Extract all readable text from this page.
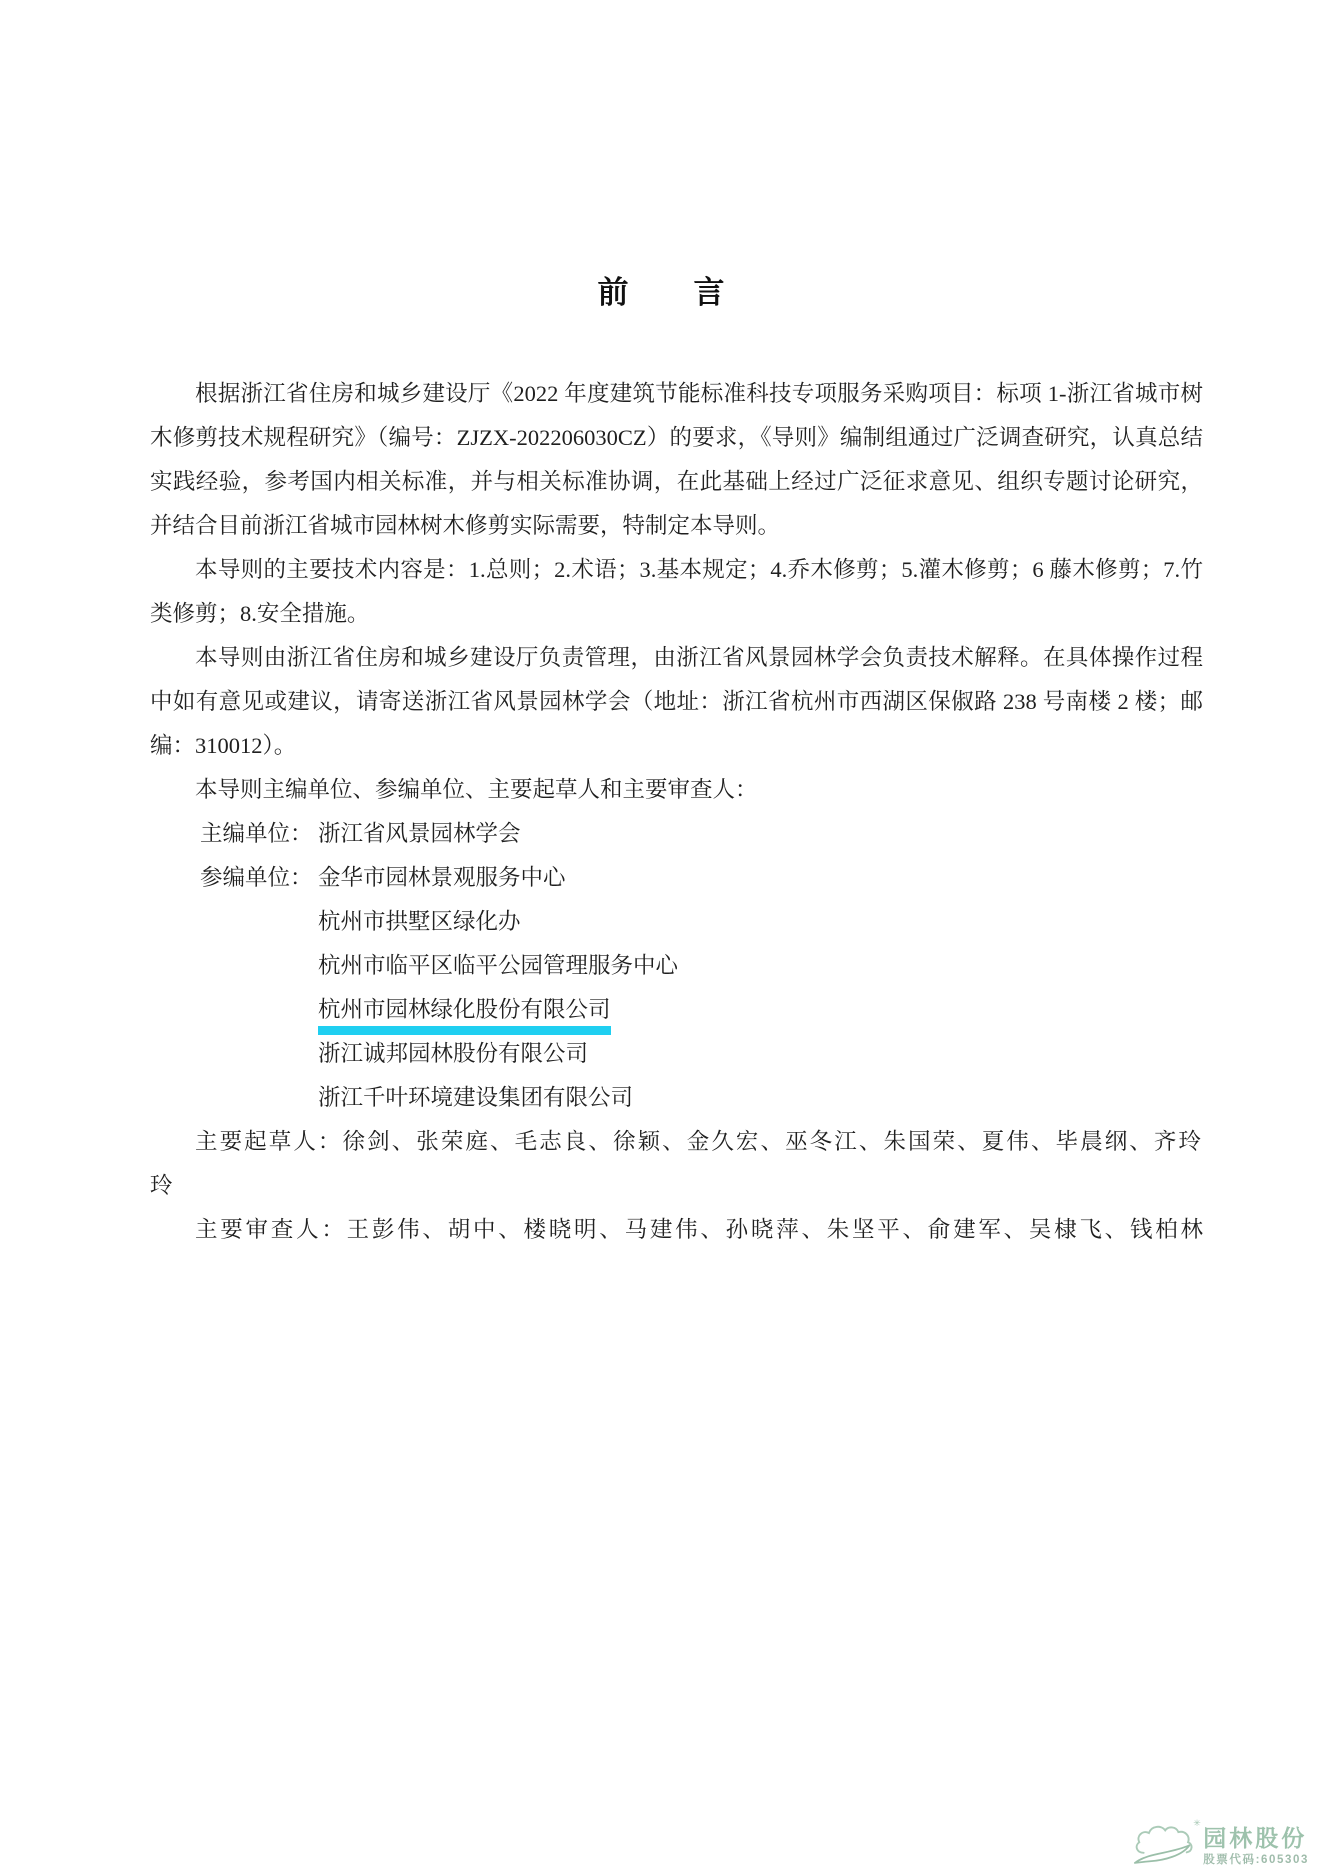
前　　言
根据浙江省住房和城乡建设厅《2022 年度建筑节能标准科技专项服务采购项目：标项 1-浙江省城市树木修剪技术规程研究》（编号：ZJZX-202206030CZ）的要求，《导则》编制组通过广泛调查研究，认真总结实践经验，参考国内相关标准，并与相关标准协调，在此基础上经过广泛征求意见、组织专题讨论研究，并结合目前浙江省城市园林树木修剪实际需要，特制定本导则。
本导则的主要技术内容是：1.总则；2.术语；3.基本规定；4.乔木修剪；5.灌木修剪；6 藤木修剪；7.竹类修剪；8.安全措施。
本导则由浙江省住房和城乡建设厅负责管理，由浙江省风景园林学会负责技术解释。在具体操作过程中如有意见或建议，请寄送浙江省风景园林学会（地址：浙江省杭州市西湖区保俶路 238 号南楼 2 楼；邮编：310012）。
本导则主编单位、参编单位、主要起草人和主要审查人：
主编单位： 浙江省风景园林学会
参编单位： 金华市园林景观服务中心
杭州市拱墅区绿化办
杭州市临平区临平公园管理服务中心
杭州市园林绿化股份有限公司
浙江诚邦园林股份有限公司
浙江千叶环境建设集团有限公司
主要起草人：徐剑、张荣庭、毛志良、徐颖、金久宏、巫冬江、朱国荣、夏伟、毕晨纲、齐玲玲
主要审查人：王彭伟、胡中、楼晓明、马建伟、孙晓萍、朱坚平、俞建军、吴棣飞、钱柏林
✳
园林股份
股票代码:605303
